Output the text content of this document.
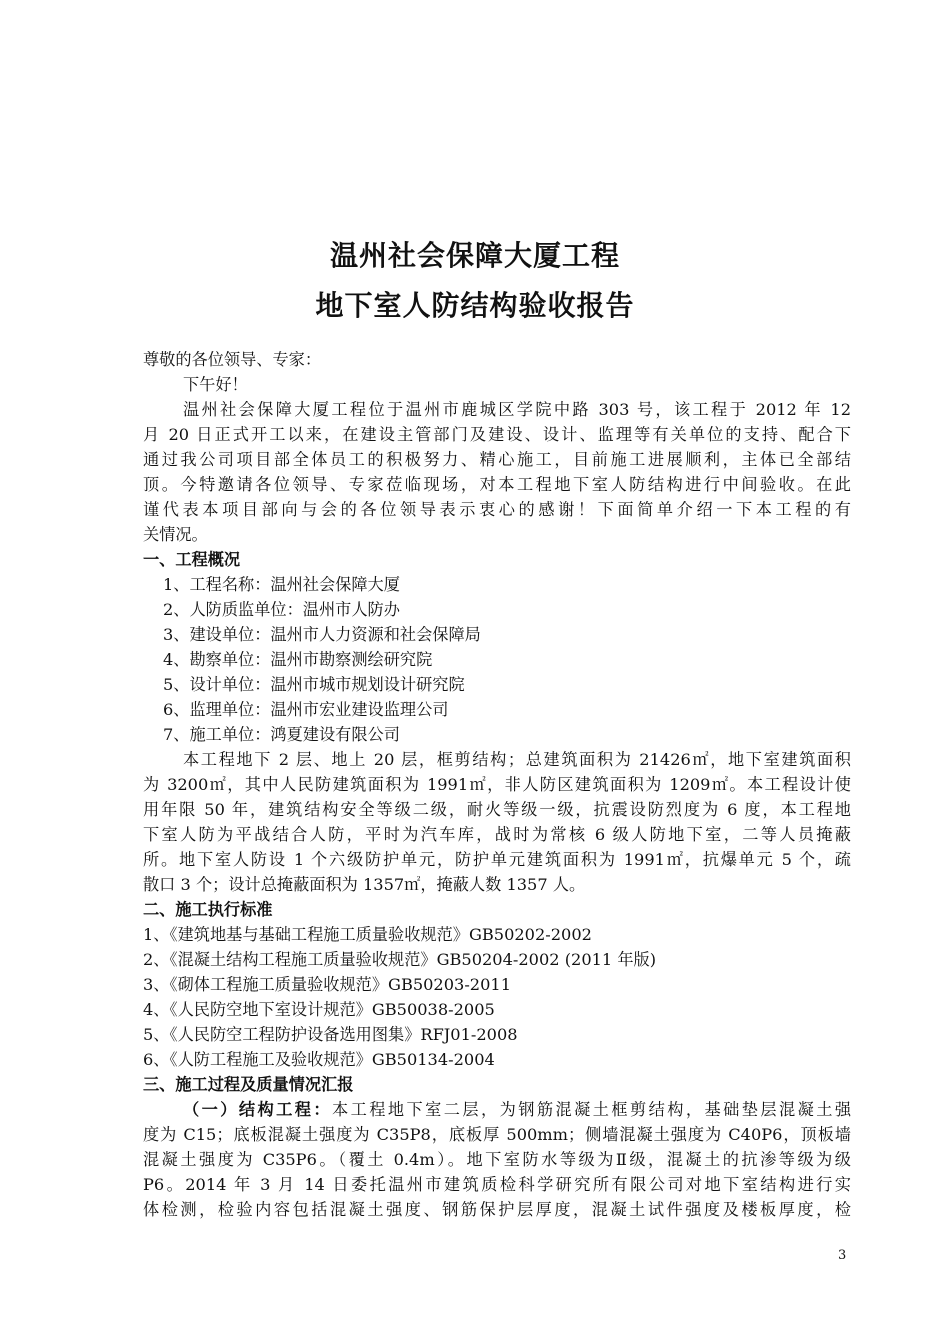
温州社会保障大厦工程
地下室人防结构验收报告
尊敬的各位领导、专家：
下午好！
温州社会保障大厦工程位于温州市鹿城区学院中路 303 号，该工程于 2012 年 12
月 20 日正式开工以来，在建设主管部门及建设、设计、监理等有关单位的支持、配合下
通过我公司项目部全体员工的积极努力、精心施工，目前施工进展顺利，主体已全部结
顶。今特邀请各位领导、专家莅临现场，对本工程地下室人防结构进行中间验收。在此
谨代表本项目部向与会的各位领导表示衷心的感谢！下面简单介绍一下本工程的有
关情况。
一、工程概况
1、工程名称：温州社会保障大厦
2、人防质监单位：温州市人防办
3、建设单位：温州市人力资源和社会保障局
4、勘察单位：温州市勘察测绘研究院
5、设计单位：温州市城市规划设计研究院
6、监理单位：温州市宏业建设监理公司
7、施工单位：鸿夏建设有限公司
本工程地下 2 层、地上 20 层，框剪结构；总建筑面积为 21426㎡，地下室建筑面积
为 3200㎡，其中人民防建筑面积为 1991㎡，非人防区建筑面积为 1209㎡。本工程设计使
用年限 50 年，建筑结构安全等级二级，耐火等级一级，抗震设防烈度为 6 度，本工程地
下室人防为平战结合人防，平时为汽车库，战时为常核 6 级人防地下室，二等人员掩蔽
所。地下室人防设 1 个六级防护单元，防护单元建筑面积为 1991㎡，抗爆单元 5 个，疏
散口 3 个；设计总掩蔽面积为 1357㎡，掩蔽人数 1357 人。
二、施工执行标准
1、《建筑地基与基础工程施工质量验收规范》GB50202-2002
2、《混凝土结构工程施工质量验收规范》GB50204-2002 (2011 年版)
3、《砌体工程施工质量验收规范》GB50203-2011
4、《人民防空地下室设计规范》GB50038-2005
5、《人民防空工程防护设备选用图集》RFJ01-2008
6、《人防工程施工及验收规范》GB50134-2004
三、施工过程及质量情况汇报
（一）结构工程：本工程地下室二层，为钢筋混凝土框剪结构，基础垫层混凝土强
度为 C15；底板混凝土强度为 C35P8，底板厚 500mm；侧墙混凝土强度为 C40P6，顶板墙
混凝土强度为 C35P6。（覆土 0.4m）。地下室防水等级为Ⅱ级，混凝土的抗渗等级为级
P6。2014 年 3 月 14 日委托温州市建筑质检科学研究所有限公司对地下室结构进行实
体检测，检验内容包括混凝土强度、钢筋保护层厚度，混凝土试件强度及楼板厚度，检
3
